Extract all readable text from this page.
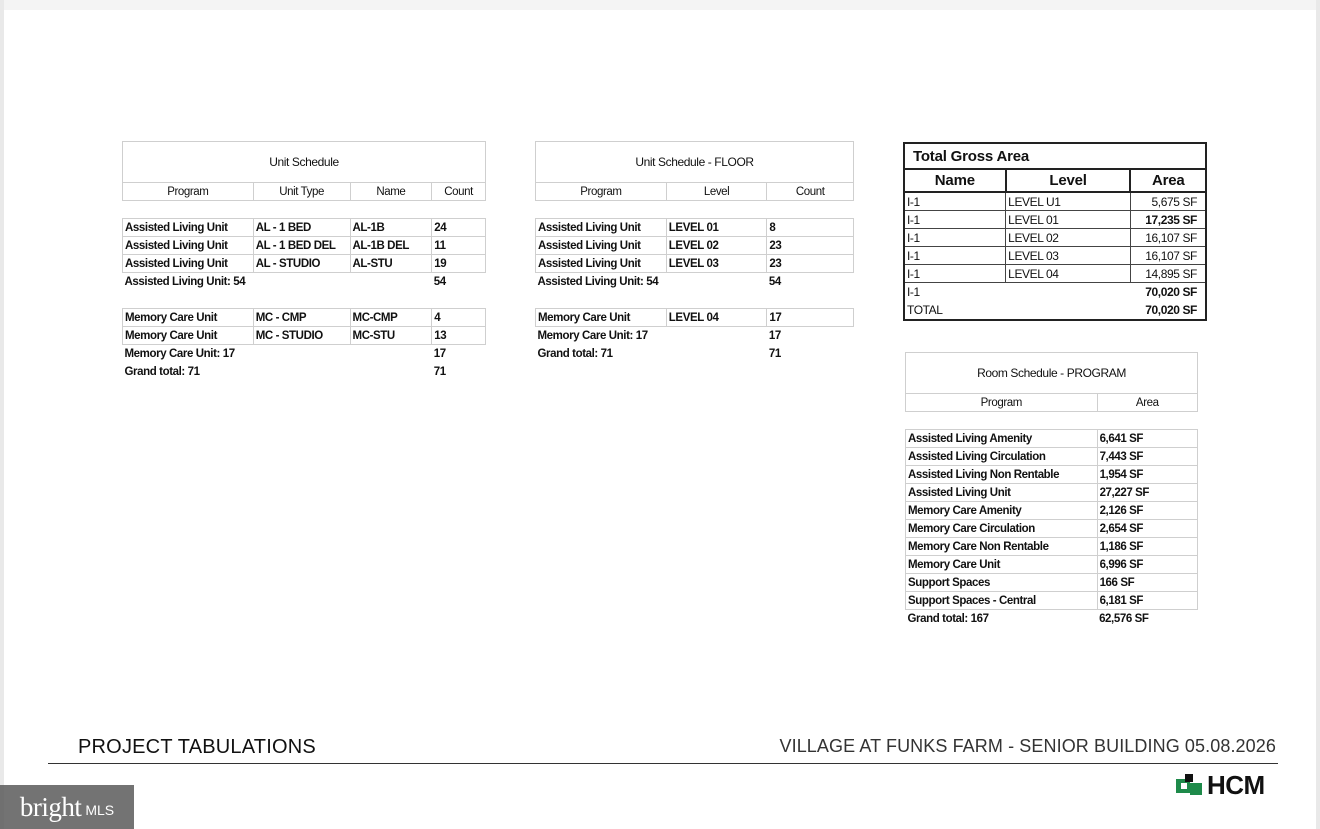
Unit Schedule			
Program	Unit Type	Name	Count

Assisted Living Unit	AL - 1 BED	AL-1B	24
Assisted Living Unit	AL - 1 BED DEL	AL-1B DEL	11
Assisted Living Unit	AL - STUDIO	AL-STU	19
Assisted Living Unit: 54			54

Memory Care Unit	MC - CMP	MC-CMP	4
Memory Care Unit	MC - STUDIO	MC-STU	13
Memory Care Unit: 17			17
Grand total: 71			71
Unit Schedule - FLOOR		
Program	Level	Count

Assisted Living Unit	LEVEL 01	8
Assisted Living Unit	LEVEL 02	23
Assisted Living Unit	LEVEL 03	23
Assisted Living Unit: 54		54

Memory Care Unit	LEVEL 04	17
Memory Care Unit: 17		17
Grand total: 71		71
Total Gross Area		
Name	Level	Area
I-1	LEVEL U1	5,675 SF
I-1	LEVEL 01	17,235 SF
I-1	LEVEL 02	16,107 SF
I-1	LEVEL 03	16,107 SF
I-1	LEVEL 04	14,895 SF
I-1		70,020 SF
TOTAL		70,020 SF
Room Schedule - PROGRAM	
Program	Area

Assisted Living Amenity	6,641 SF
Assisted Living Circulation	7,443 SF
Assisted Living Non Rentable	1,954 SF
Assisted Living Unit	27,227 SF
Memory Care Amenity	2,126 SF
Memory Care Circulation	2,654 SF
Memory Care Non Rentable	1,186 SF
Memory Care Unit	6,996 SF
Support Spaces	166 SF
Support Spaces - Central	6,181 SF
Grand total: 167	62,576 SF
PROJECT TABULATIONS	VILLAGE AT FUNKS FARM - SENIOR BUILDING 05.08.2026
HCM
bright MLS
